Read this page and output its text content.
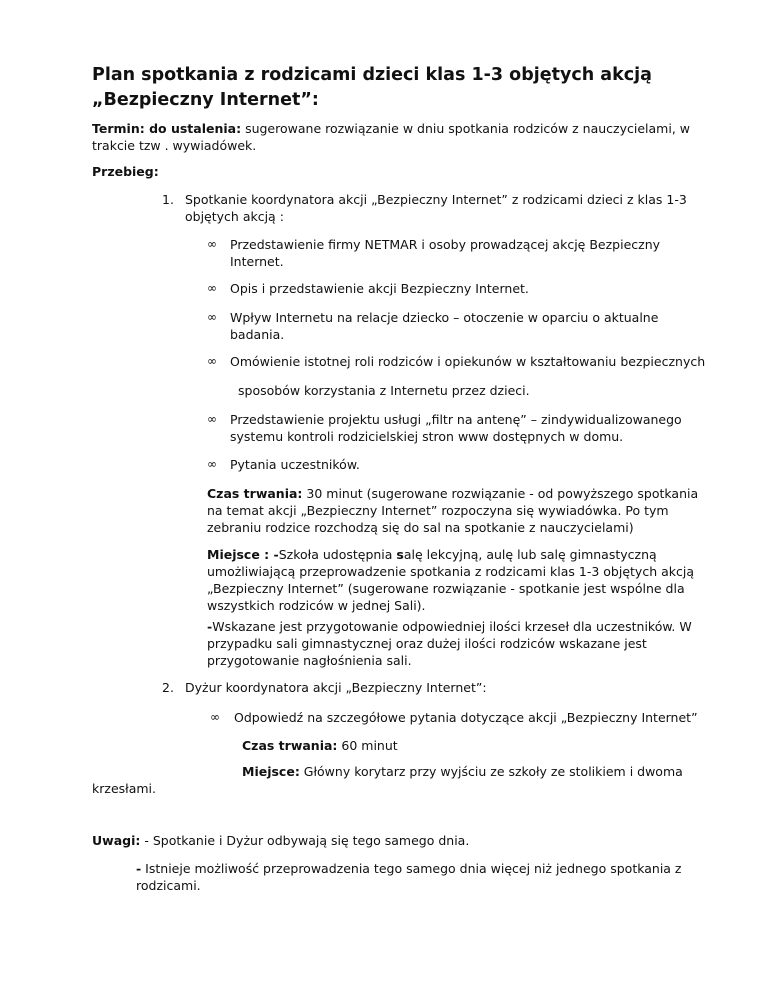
Plan spotkania z rodzicami dzieci klas 1-3 objętych akcją
„Bezpieczny Internet”:

Termin: do ustalenia: sugerowane rozwiązanie w dniu spotkania rodziców z nauczycielami, w

trakcie tzw . wywiadówek.

Przebieg:

1. Spotkanie koordynatora akcji „Bezpieczny Internet” z rodzicami dzieci z klas 1-3

objętych akcją :

∞ Przedstawienie firmy NETMAR i osoby prowadzącej akcję Bezpieczny

Internet.

∞ Opis i przedstawienie akcji Bezpieczny Internet.

∞ Wpływ Internetu na relacje dziecko – otoczenie w oparciu o aktualne

badania.

∞ Omówienie istotnej roli rodziców i opiekunów w kształtowaniu bezpiecznych

sposobów korzystania z Internetu przez dzieci.

∞ Przedstawienie projektu usługi „filtr na antenę” – zindywidualizowanego

systemu kontroli rodzicielskiej stron www dostępnych w domu.

∞ Pytania uczestników.

Czas trwania: 30 minut (sugerowane rozwiązanie - od powyższego spotkania

na temat akcji „Bezpieczny Internet” rozpoczyna się wywiadówka. Po tym

zebraniu rodzice rozchodzą się do sal na spotkanie z nauczycielami)

Miejsce : -Szkoła udostępnia salę lekcyjną, aulę lub salę gimnastyczną

umożliwiającą przeprowadzenie spotkania z rodzicami klas 1-3 objętych akcją

„Bezpieczny Internet” (sugerowane rozwiązanie - spotkanie jest wspólne dla

wszystkich rodziców w jednej Sali).

-Wskazane jest przygotowanie odpowiedniej ilości krzeseł dla uczestników. W

przypadku sali gimnastycznej oraz dużej ilości rodziców wskazane jest

przygotowanie nagłośnienia sali.

2. Dyżur koordynatora akcji „Bezpieczny Internet”:

∞ Odpowiedź na szczegółowe pytania dotyczące akcji „Bezpieczny Internet”

Czas trwania: 60 minut

Miejsce: Główny korytarz przy wyjściu ze szkoły ze stolikiem i dwoma

krzesłami.

Uwagi: - Spotkanie i Dyżur odbywają się tego samego dnia.

- Istnieje możliwość przeprowadzenia tego samego dnia więcej niż jednego spotkania z

rodzicami.
